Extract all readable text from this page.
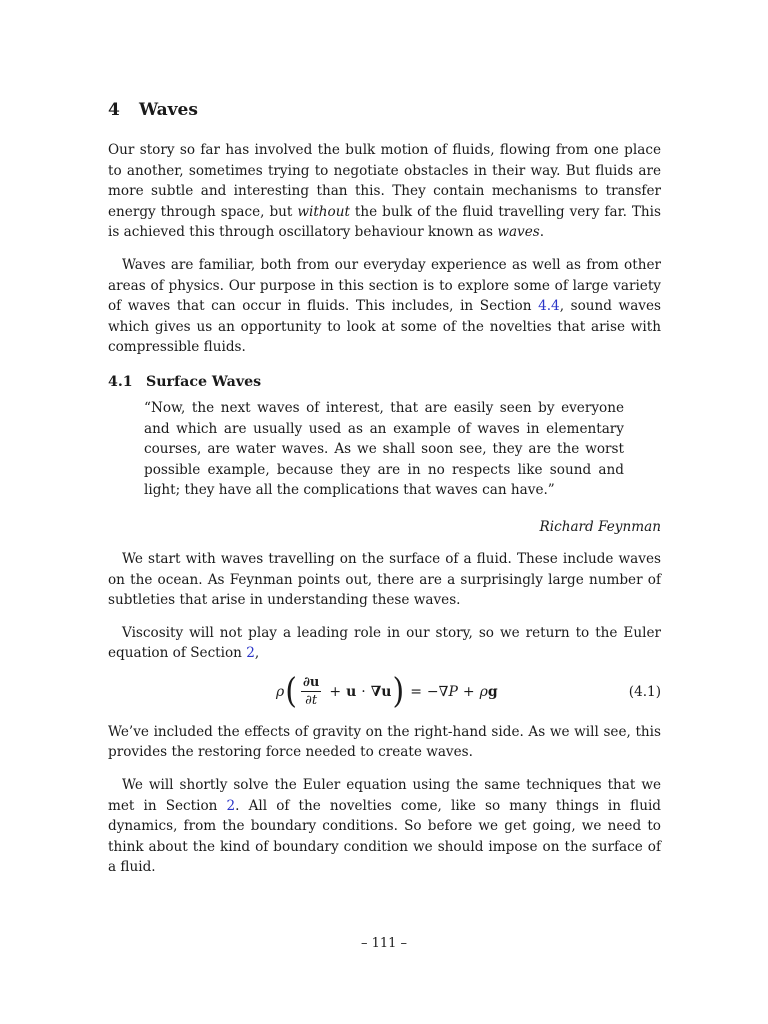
4 Waves

Our story so far has involved the bulk motion of fluids, flowing from one place to another, sometimes trying to negotiate obstacles in their way. But fluids are more subtle and interesting than this. They contain mechanisms to transfer energy through space, but without the bulk of the fluid travelling very far. This is achieved this through oscillatory behaviour known as waves.

Waves are familiar, both from our everyday experience as well as from other areas of physics. Our purpose in this section is to explore some of large variety of waves that can occur in fluids. This includes, in Section 4.4, sound waves which gives us an opportunity to look at some of the novelties that arise with compressible fluids.

4.1 Surface Waves
“Now, the next waves of interest, that are easily seen by everyone and which are usually used as an example of waves in elementary courses, are water waves. As we shall soon see, they are the worst possible example, because they are in no respects like sound and light; they have all the complications that waves can have.”
Richard Feynman

We start with waves travelling on the surface of a fluid. These include waves on the ocean. As Feynman points out, there are a surprisingly large number of subtleties that arise in understanding these waves.

Viscosity will not play a leading role in our story, so we return to the Euler equation of Section 2,

ρ ( $\frac{\partial u}{\partial t} + u \cdot \nabla u$ ) = −∇ P + ρ g	(4.1)

We’ve included the effects of gravity on the right-hand side. As we will see, this provides the restoring force needed to create waves.

We will shortly solve the Euler equation using the same techniques that we met in Section 2. All of the novelties come, like so many things in fluid dynamics, from the boundary conditions. So before we get going, we need to think about the kind of boundary condition we should impose on the surface of a fluid.

– 111 –
